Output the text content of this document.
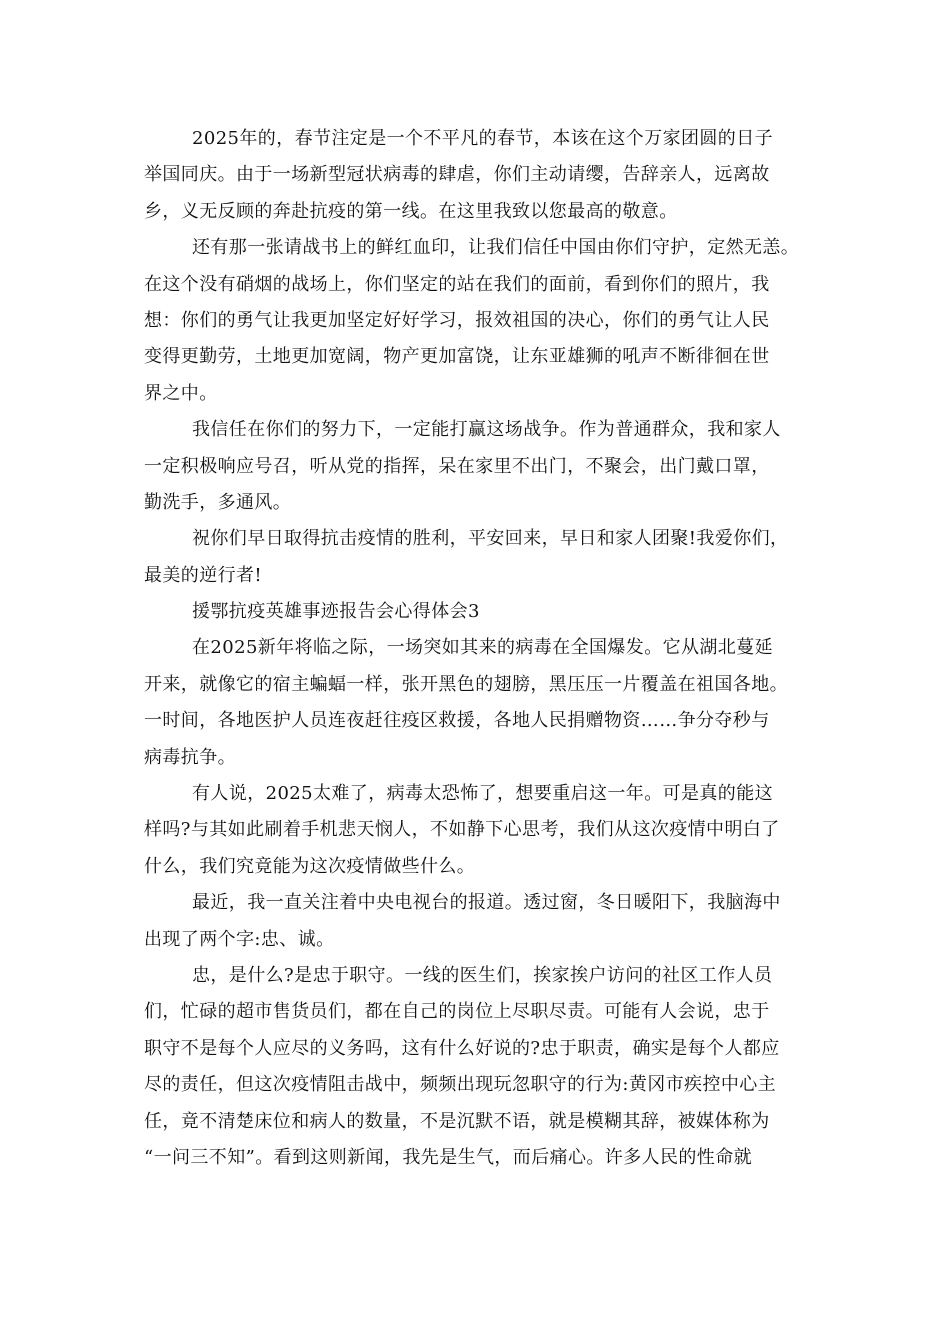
2025年的，春节注定是一个不平凡的春节，本该在这个万家团圆的日子
举国同庆。由于一场新型冠状病毒的肆虐，你们主动请缨，告辞亲人，远离故
乡，义无反顾的奔赴抗疫的第一线。在这里我致以您最高的敬意。
还有那一张请战书上的鲜红血印，让我们信任中国由你们守护，定然无恙。
在这个没有硝烟的战场上，你们坚定的站在我们的面前，看到你们的照片，我
想：你们的勇气让我更加坚定好好学习，报效祖国的决心，你们的勇气让人民
变得更勤劳，土地更加宽阔，物产更加富饶，让东亚雄狮的吼声不断徘徊在世
界之中。
我信任在你们的努力下，一定能打赢这场战争。作为普通群众，我和家人
一定积极响应号召，听从党的指挥，呆在家里不出门，不聚会，出门戴口罩，
勤洗手，多通风。
祝你们早日取得抗击疫情的胜利，平安回来，早日和家人团聚!我爱你们，
最美的逆行者!
援鄂抗疫英雄事迹报告会心得体会3
在2025新年将临之际，一场突如其来的病毒在全国爆发。它从湖北蔓延
开来，就像它的宿主蝙蝠一样，张开黑色的翅膀，黑压压一片覆盖在祖国各地。
一时间，各地医护人员连夜赶往疫区救援，各地人民捐赠物资……争分夺秒与
病毒抗争。
有人说，2025太难了，病毒太恐怖了，想要重启这一年。可是真的能这
样吗?与其如此刷着手机悲天悯人，不如静下心思考，我们从这次疫情中明白了
什么，我们究竟能为这次疫情做些什么。
最近，我一直关注着中央电视台的报道。透过窗，冬日暖阳下，我脑海中
出现了两个字:忠、诚。
忠，是什么?是忠于职守。一线的医生们，挨家挨户访问的社区工作人员
们，忙碌的超市售货员们，都在自己的岗位上尽职尽责。可能有人会说，忠于
职守不是每个人应尽的义务吗，这有什么好说的?忠于职责，确实是每个人都应
尽的责任，但这次疫情阻击战中，频频出现玩忽职守的行为:黄冈市疾控中心主
任，竟不清楚床位和病人的数量，不是沉默不语，就是模糊其辞，被媒体称为
“一问三不知”。看到这则新闻，我先是生气，而后痛心。许多人民的性命就
